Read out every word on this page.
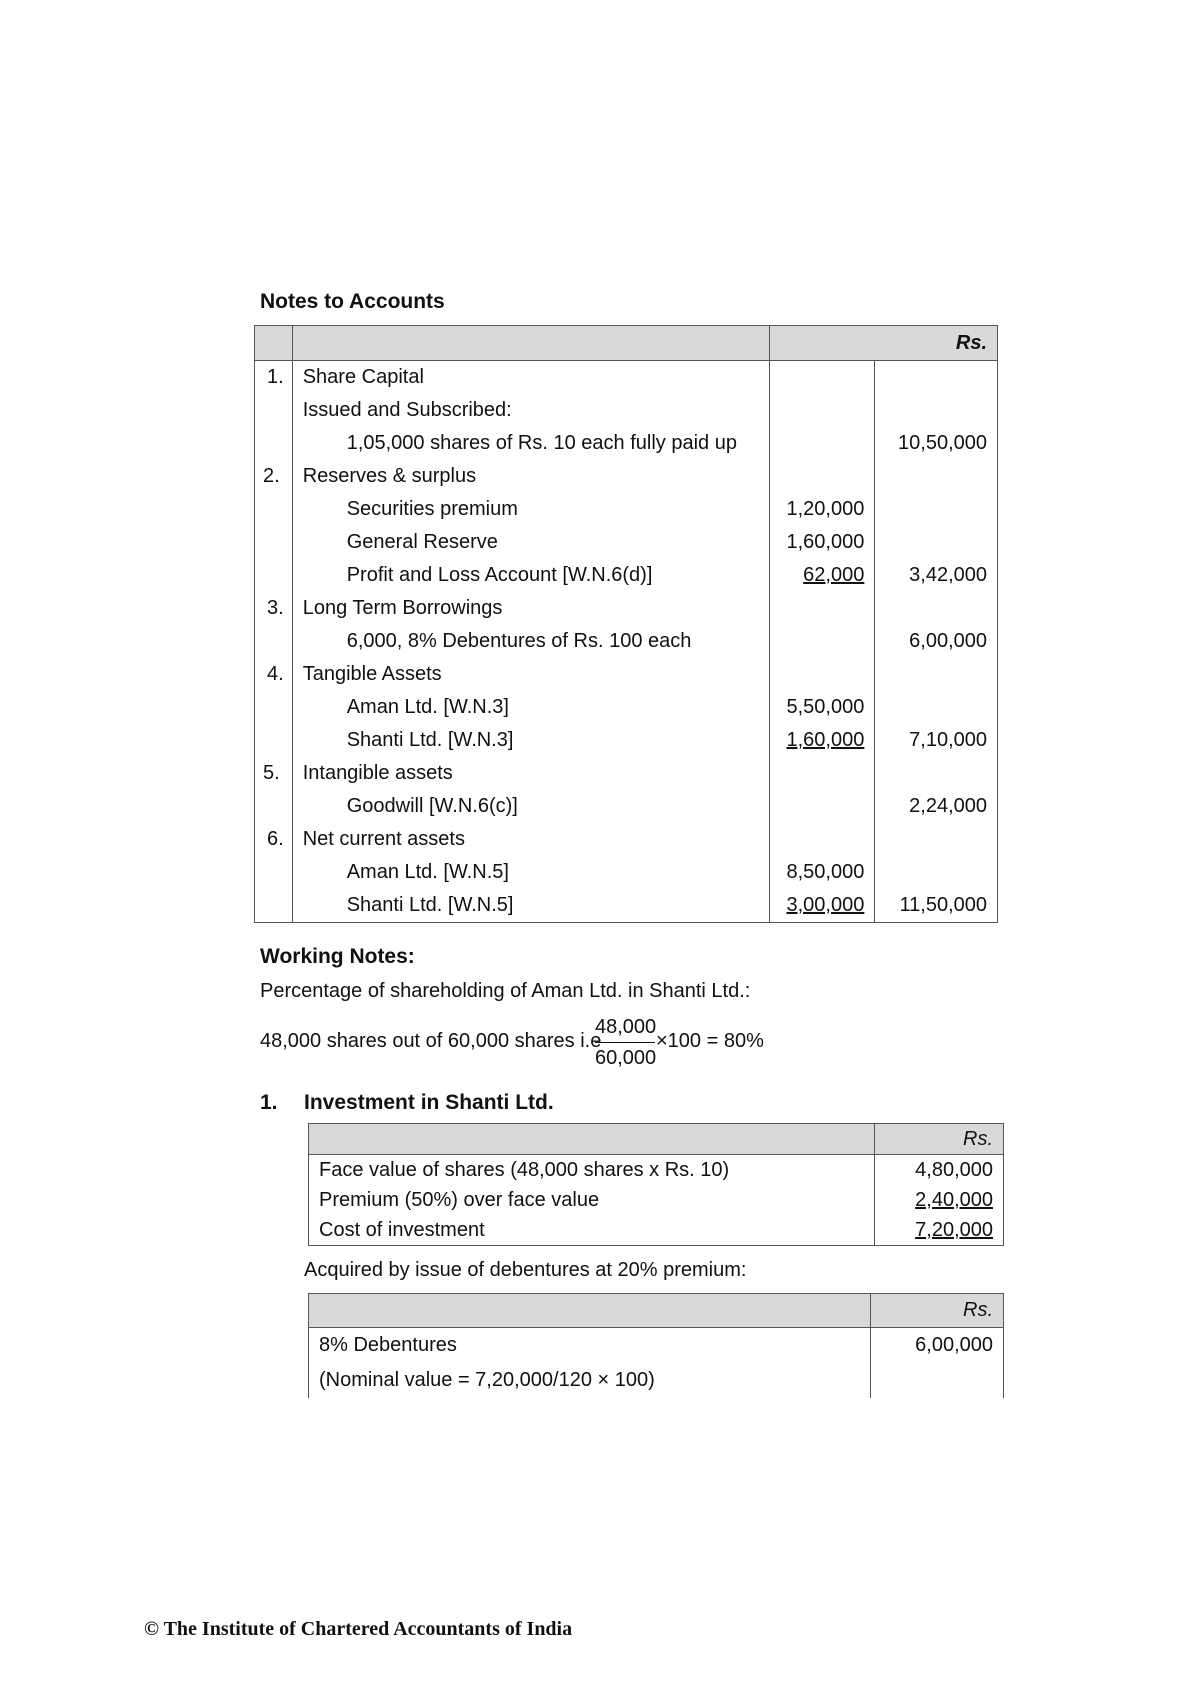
Notes to Accounts
		Rs.	
1.	Share Capital		
	Issued and Subscribed:		
	1,05,000 shares of Rs. 10 each fully paid up		10,50,000
2.	Reserves & surplus		
	Securities premium	1,20,000	
	General Reserve	1,60,000	
	Profit and Loss Account [W.N.6(d)]	62,000	3,42,000
3.	Long Term Borrowings		
	6,000, 8% Debentures of Rs. 100 each		6,00,000
4.	Tangible Assets		
	Aman Ltd. [W.N.3]	5,50,000	
	Shanti Ltd. [W.N.3]	1,60,000	7,10,000
5.	Intangible assets		
	Goodwill [W.N.6(c)]		2,24,000
6.	Net current assets		
	Aman Ltd. [W.N.5]	8,50,000	
	Shanti Ltd. [W.N.5]	3,00,000	11,50,000
Working Notes:
Percentage of shareholding of Aman Ltd. in Shanti Ltd.:
48,000 shares out of 60,000 shares i.e
$\frac{48,000}{60,000} \times 100 = 80\%$
1. Investment in Shanti Ltd.
	Rs.
Face value of shares (48,000 shares x Rs. 10)	4,80,000
Premium (50%) over face value	2,40,000
Cost of investment	7,20,000
Acquired by issue of debentures at 20% premium:
	Rs.
8% Debentures	6,00,000
(Nominal value = 7,20,000/120 × 100)	
© The Institute of Chartered Accountants of India
